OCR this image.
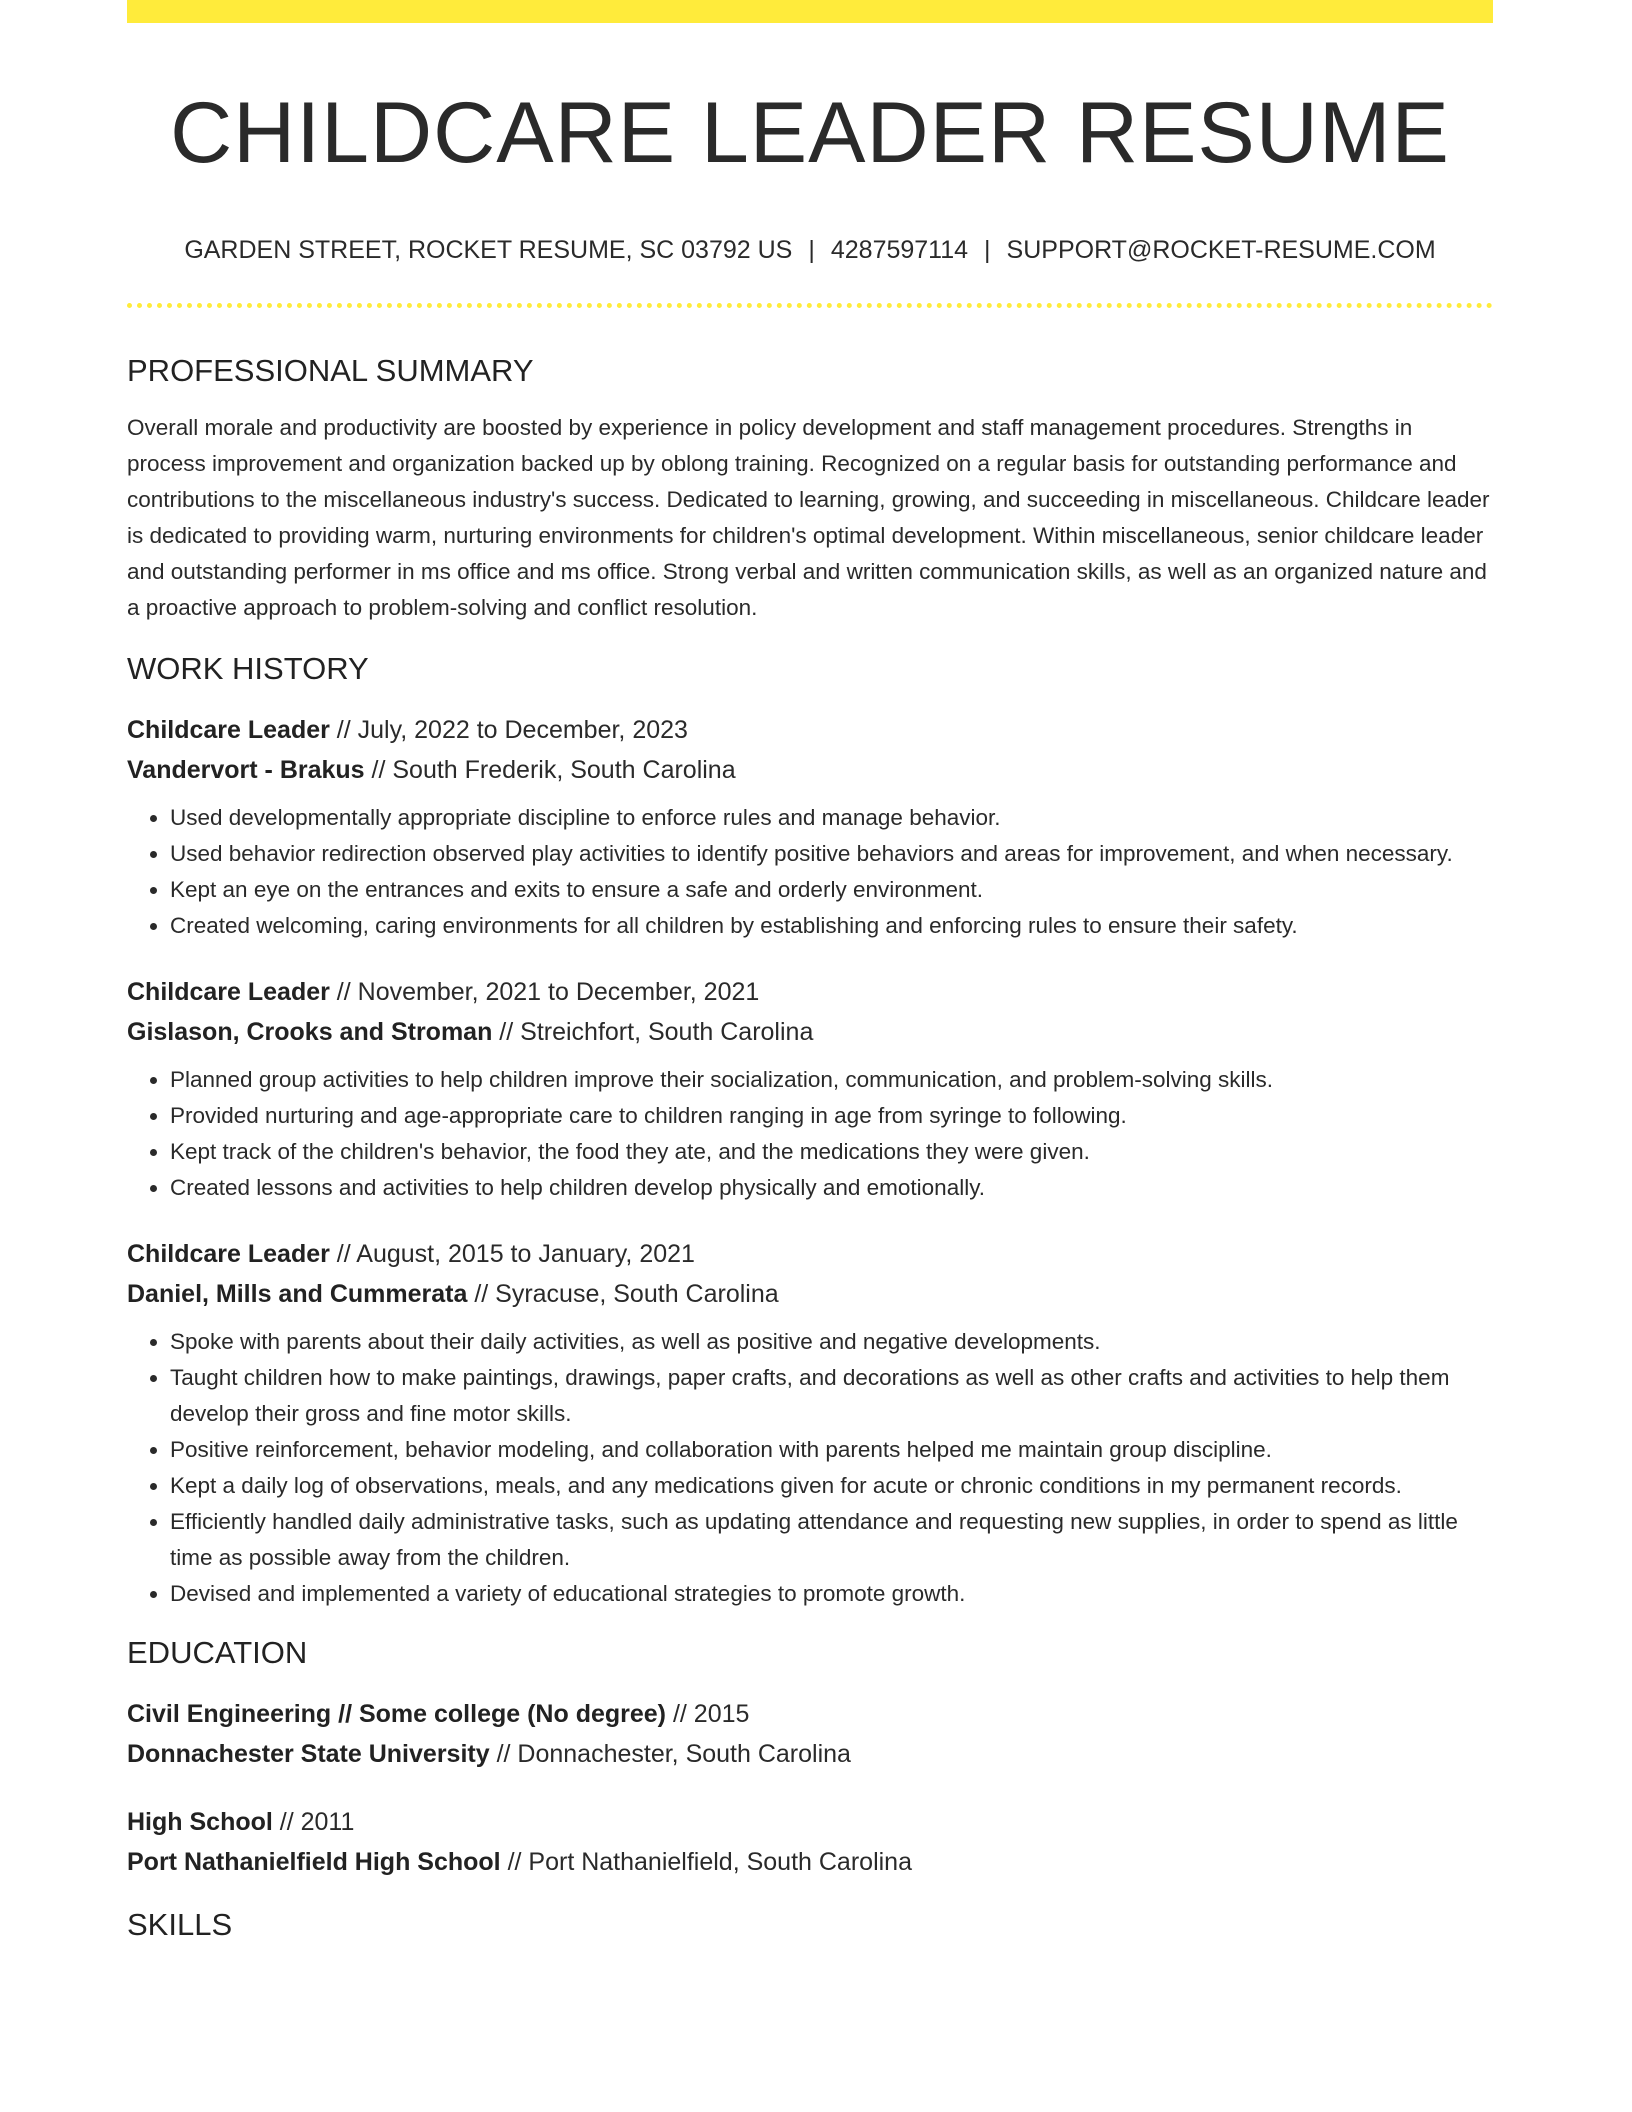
CHILDCARE LEADER RESUME
GARDEN STREET, ROCKET RESUME, SC 03792 US | 4287597114 | SUPPORT@ROCKET-RESUME.COM
PROFESSIONAL SUMMARY
Overall morale and productivity are boosted by experience in policy development and staff management procedures. Strengths in process improvement and organization backed up by oblong training. Recognized on a regular basis for outstanding performance and contributions to the miscellaneous industry's success. Dedicated to learning, growing, and succeeding in miscellaneous. Childcare leader is dedicated to providing warm, nurturing environments for children's optimal development. Within miscellaneous, senior childcare leader and outstanding performer in ms office and ms office. Strong verbal and written communication skills, as well as an organized nature and a proactive approach to problem-solving and conflict resolution.
WORK HISTORY
Childcare Leader // July, 2022 to December, 2023
Vandervort - Brakus // South Frederik, South Carolina
• Used developmentally appropriate discipline to enforce rules and manage behavior.
• Used behavior redirection observed play activities to identify positive behaviors and areas for improvement, and when necessary.
• Kept an eye on the entrances and exits to ensure a safe and orderly environment.
• Created welcoming, caring environments for all children by establishing and enforcing rules to ensure their safety.
Childcare Leader // November, 2021 to December, 2021
Gislason, Crooks and Stroman // Streichfort, South Carolina
• Planned group activities to help children improve their socialization, communication, and problem-solving skills.
• Provided nurturing and age-appropriate care to children ranging in age from syringe to following.
• Kept track of the children's behavior, the food they ate, and the medications they were given.
• Created lessons and activities to help children develop physically and emotionally.
Childcare Leader // August, 2015 to January, 2021
Daniel, Mills and Cummerata // Syracuse, South Carolina
• Spoke with parents about their daily activities, as well as positive and negative developments.
• Taught children how to make paintings, drawings, paper crafts, and decorations as well as other crafts and activities to help them develop their gross and fine motor skills.
• Positive reinforcement, behavior modeling, and collaboration with parents helped me maintain group discipline.
• Kept a daily log of observations, meals, and any medications given for acute or chronic conditions in my permanent records.
• Efficiently handled daily administrative tasks, such as updating attendance and requesting new supplies, in order to spend as little time as possible away from the children.
• Devised and implemented a variety of educational strategies to promote growth.
EDUCATION
Civil Engineering // Some college (No degree) // 2015
Donnachester State University // Donnachester, South Carolina
High School // 2011
Port Nathanielfield High School // Port Nathanielfield, South Carolina
SKILLS
